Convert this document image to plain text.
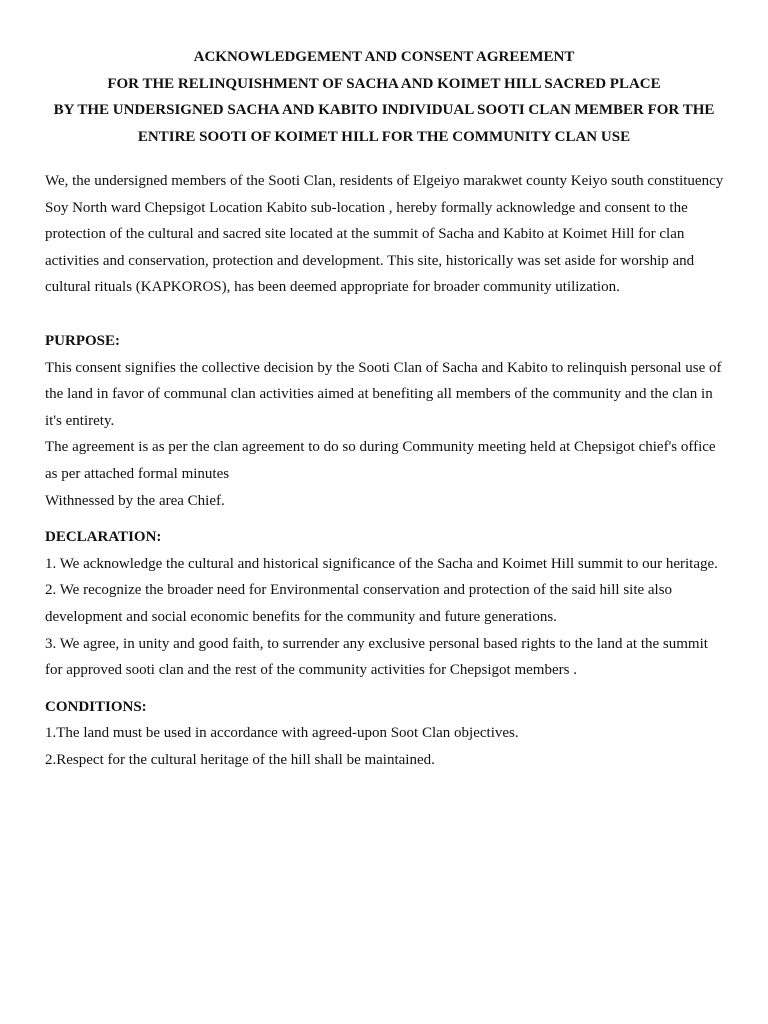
ACKNOWLEDGEMENT AND CONSENT AGREEMENT
FOR THE RELINQUISHMENT OF SACHA AND KOIMET HILL SACRED PLACE
BY THE UNDERSIGNED SACHA AND KABITO INDIVIDUAL SOOTI CLAN MEMBER FOR THE
ENTIRE SOOTI OF KOIMET HILL FOR THE COMMUNITY CLAN USE

We, the undersigned members of the Sooti Clan, residents of Elgeiyo marakwet county Keiyo south constituency Soy North ward Chepsigot Location Kabito sub-location , hereby formally acknowledge and consent to the protection of the cultural and sacred site located at the summit of Sacha and Kabito at Koimet Hill for clan activities and conservation, protection and development. This site, historically was set aside for worship and cultural rituals (KAPKOROS), has been deemed appropriate for broader community utilization.

PURPOSE:
This consent signifies the collective decision by the Sooti Clan of Sacha and Kabito to relinquish personal use of the land in favor of communal clan activities aimed at benefiting all members of the community and the clan in it's entirety.
The agreement is as per the clan agreement to do so during Community meeting held at Chepsigot chief's office as per attached formal minutes
Withnessed by the area Chief.
DECLARATION:
1. We acknowledge the cultural and historical significance of the Sacha and Koimet Hill summit to our heritage.
2. We recognize the broader need for Environmental conservation and protection of the said hill site also development and social economic benefits for the community and future generations.
3. We agree, in unity and good faith, to surrender any exclusive personal based rights to the land at the summit for approved sooti clan and the rest of the community activities for Chepsigot members .
CONDITIONS:
1.The land must be used in accordance with agreed-upon Soot Clan objectives.
2.Respect for the cultural heritage of the hill shall be maintained.
